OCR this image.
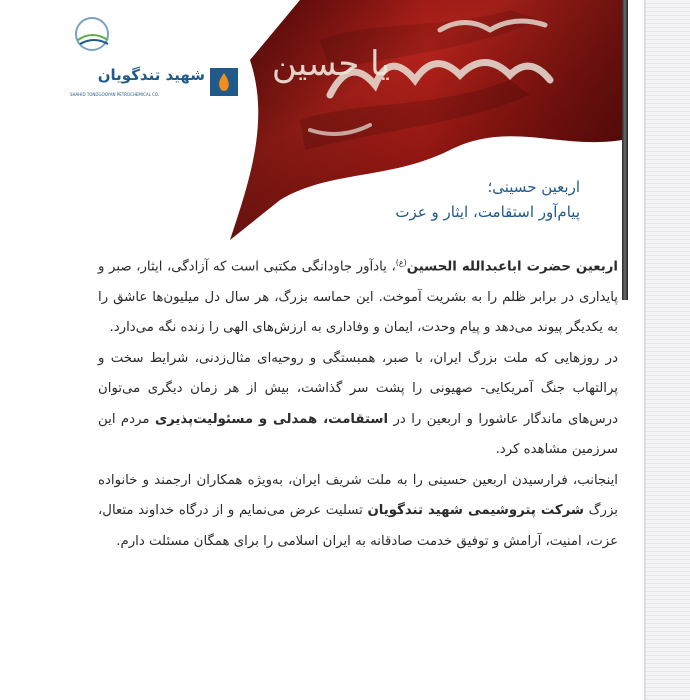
یا حسین
شهید تندگویان
SHAHID TONDGOOYAN PETROCHEMICAL CO.
اربعین حسینی؛
پیام‌آور استقامت، ایثار و عزت

اربعین حضرت اباعبدالله الحسین$^{(ع)}$، یادآور جاودانگی مکتبی است که آزادگی، ایثار، صبر و پایداری در برابر ظلم را به بشریت آموخت. این حماسه بزرگ، هر سال دل میلیون‌ها عاشق را به یکدیگر پیوند می‌دهد و پیام وحدت، ایمان و وفاداری به ارزش‌های الهی را زنده نگه می‌دارد.

در روزهایی که ملت بزرگ ایران، با صبر، همبستگی و روحیه‌ای مثال‌زدنی، شرایط سخت و پرالتهاب جنگ آمریکایی- صهیونی را پشت سر گذاشت، بیش از هر زمان دیگری می‌توان درس‌های ماندگار عاشورا و اربعین را در استقامت، همدلی و مسئولیت‌پذیری مردم این سرزمین مشاهده کرد.

اینجانب، فرارسیدن اربعین حسینی را به ملت شریف ایران، به‌ویژه همکاران ارجمند و خانواده بزرگ شرکت پتروشیمی شهید تندگویان تسلیت عرض می‌نمایم و از درگاه خداوند متعال، عزت، امنیت، آرامش و توفیق خدمت صادقانه به ایران اسلامی را برای همگان مسئلت دارم.
